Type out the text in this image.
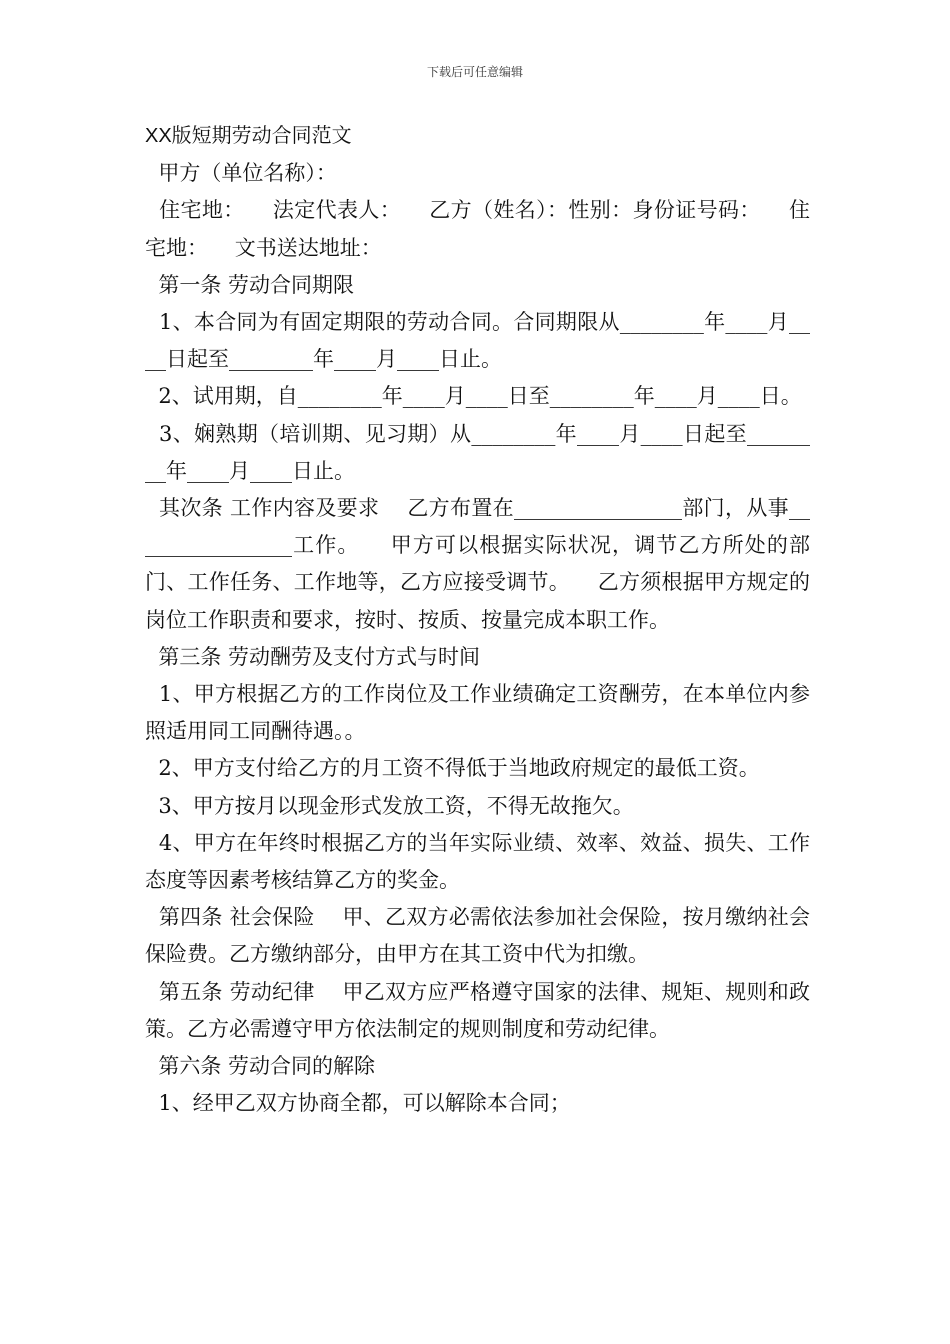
下载后可任意编辑

XX版短期劳动合同范文

甲方（单位名称）：

住宅地：    法定代表人：    乙方（姓名）：性别：身份证号码：    住宅地：    文书送达地址：

第一条 劳动合同期限

1、本合同为有固定期限的劳动合同。合同期限从________年____月____日起至________年____月____日止。

2、试用期，自________年____月____日至________年____月____日。

3、娴熟期（培训期、见习期）从________年____月____日起至________年____月____日止。

其次条 工作内容及要求    乙方布置在________________部门，从事________________工作。    甲方可以根据实际状况，调节乙方所处的部门、工作任务、工作地等，乙方应接受调节。    乙方须根据甲方规定的岗位工作职责和要求，按时、按质、按量完成本职工作。

第三条 劳动酬劳及支付方式与时间

1、甲方根据乙方的工作岗位及工作业绩确定工资酬劳，在本单位内参照适用同工同酬待遇。。

2、甲方支付给乙方的月工资不得低于当地政府规定的最低工资。

3、甲方按月以现金形式发放工资，不得无故拖欠。

4、甲方在年终时根据乙方的当年实际业绩、效率、效益、损失、工作态度等因素考核结算乙方的奖金。

第四条 社会保险    甲、乙双方必需依法参加社会保险，按月缴纳社会保险费。乙方缴纳部分，由甲方在其工资中代为扣缴。

第五条 劳动纪律    甲乙双方应严格遵守国家的法律、规矩、规则和政策。乙方必需遵守甲方依法制定的规则制度和劳动纪律。

第六条 劳动合同的解除

1、经甲乙双方协商全都，可以解除本合同；
